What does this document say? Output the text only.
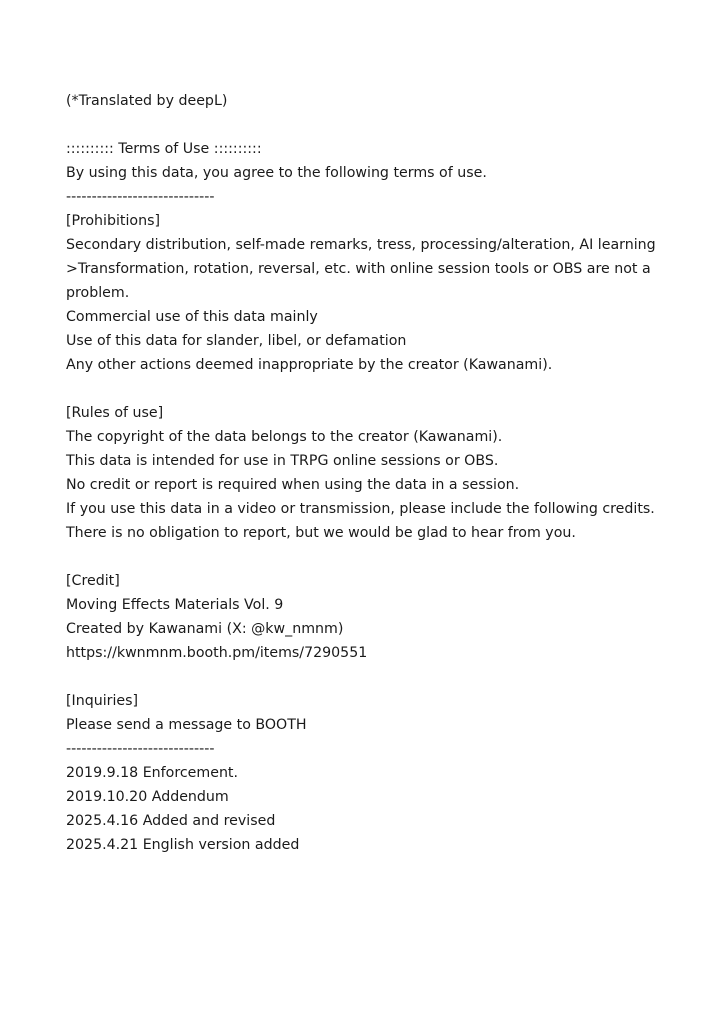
(*Translated by deepL)
:::::::::: Terms of Use ::::::::::
By using this data, you agree to the following terms of use.
-----------------------------
[Prohibitions]
Secondary distribution, self-made remarks, tress, processing/alteration, AI learning
>Transformation, rotation, reversal, etc. with online session tools or OBS are not a problem.
Commercial use of this data mainly
Use of this data for slander, libel, or defamation
Any other actions deemed inappropriate by the creator (Kawanami).
[Rules of use]
The copyright of the data belongs to the creator (Kawanami).
This data is intended for use in TRPG online sessions or OBS.
No credit or report is required when using the data in a session.
If you use this data in a video or transmission, please include the following credits.
There is no obligation to report, but we would be glad to hear from you.
[Credit]
Moving Effects Materials Vol. 9
Created by Kawanami (X: @kw_nmnm)
https://kwnmnm.booth.pm/items/7290551
[Inquiries]
Please send a message to BOOTH
-----------------------------
2019.9.18 Enforcement.
2019.10.20 Addendum
2025.4.16 Added and revised
2025.4.21 English version added
